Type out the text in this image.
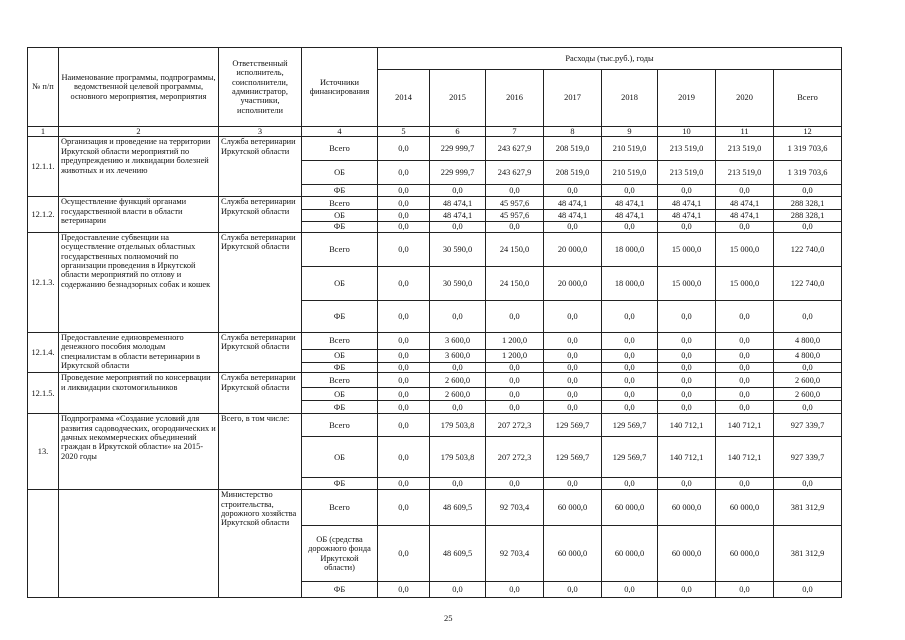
№ п/п	Наименование программы, подпрограммы, ведомственной целевой программы, основного мероприятия, мероприятия	Ответственный исполнитель, соисполнители, администратор, участники, исполнители	Источники финансирования	Расходы (тыс.руб.), годы							
				2014	2015	2016	2017	2018	2019	2020	Всего
1	2	3	4	5	6	7	8	9	10	11	12
12.1.1.	Организация и проведение на территории Иркутской области мероприятий по предупреждению и ликвидации болезней животных и их лечению	Служба ветеринарии Иркутской области	Всего	0,0	229 999,7	243 627,9	208 519,0	210 519,0	213 519,0	213 519,0	1 319 703,6
			ОБ	0,0	229 999,7	243 627,9	208 519,0	210 519,0	213 519,0	213 519,0	1 319 703,6
			ФБ	0,0	0,0	0,0	0,0	0,0	0,0	0,0	0,0
12.1.2.	Осуществление функций органами государственной власти в области ветеринарии	Служба ветеринарии Иркутской области	Всего	0,0	48 474,1	45 957,6	48 474,1	48 474,1	48 474,1	48 474,1	288 328,1
			ОБ	0,0	48 474,1	45 957,6	48 474,1	48 474,1	48 474,1	48 474,1	288 328,1
			ФБ	0,0	0,0	0,0	0,0	0,0	0,0	0,0	0,0
12.1.3.	Предоставление субвенции на осуществление отдельных областных государственных полномочий по организации проведения в Иркутской области мероприятий по отлову и содержанию безнадзорных собак и кошек	Служба ветеринарии Иркутской области	Всего	0,0	30 590,0	24 150,0	20 000,0	18 000,0	15 000,0	15 000,0	122 740,0
			ОБ	0,0	30 590,0	24 150,0	20 000,0	18 000,0	15 000,0	15 000,0	122 740,0
			ФБ	0,0	0,0	0,0	0,0	0,0	0,0	0,0	0,0
12.1.4.	Предоставление единовременного денежного пособия молодым специалистам в области ветеринарии в Иркутской области	Служба ветеринарии Иркутской области	Всего	0,0	3 600,0	1 200,0	0,0	0,0	0,0	0,0	4 800,0
			ОБ	0,0	3 600,0	1 200,0	0,0	0,0	0,0	0,0	4 800,0
			ФБ	0,0	0,0	0,0	0,0	0,0	0,0	0,0	0,0
12.1.5.	Проведение мероприятий по консервации и ликвидации скотомогильников	Служба ветеринарии Иркутской области	Всего	0,0	2 600,0	0,0	0,0	0,0	0,0	0,0	2 600,0
			ОБ	0,0	2 600,0	0,0	0,0	0,0	0,0	0,0	2 600,0
			ФБ	0,0	0,0	0,0	0,0	0,0	0,0	0,0	0,0
13.	Подпрограмма «Создание условий для развития садоводческих, огороднических и дачных некоммерческих объединений граждан в Иркутской области» на 2015-2020 годы	Всего, в том числе:	Всего	0,0	179 503,8	207 272,3	129 569,7	129 569,7	140 712,1	140 712,1	927 339,7
			ОБ	0,0	179 503,8	207 272,3	129 569,7	129 569,7	140 712,1	140 712,1	927 339,7
			ФБ	0,0	0,0	0,0	0,0	0,0	0,0	0,0	0,0
		Министерство строительства, дорожного хозяйства Иркутской области	Всего	0,0	48 609,5	92 703,4	60 000,0	60 000,0	60 000,0	60 000,0	381 312,9
			ОБ (средства дорожного фонда Иркутской области)	0,0	48 609,5	92 703,4	60 000,0	60 000,0	60 000,0	60 000,0	381 312,9
			ФБ	0,0	0,0	0,0	0,0	0,0	0,0	0,0	0,0
25
